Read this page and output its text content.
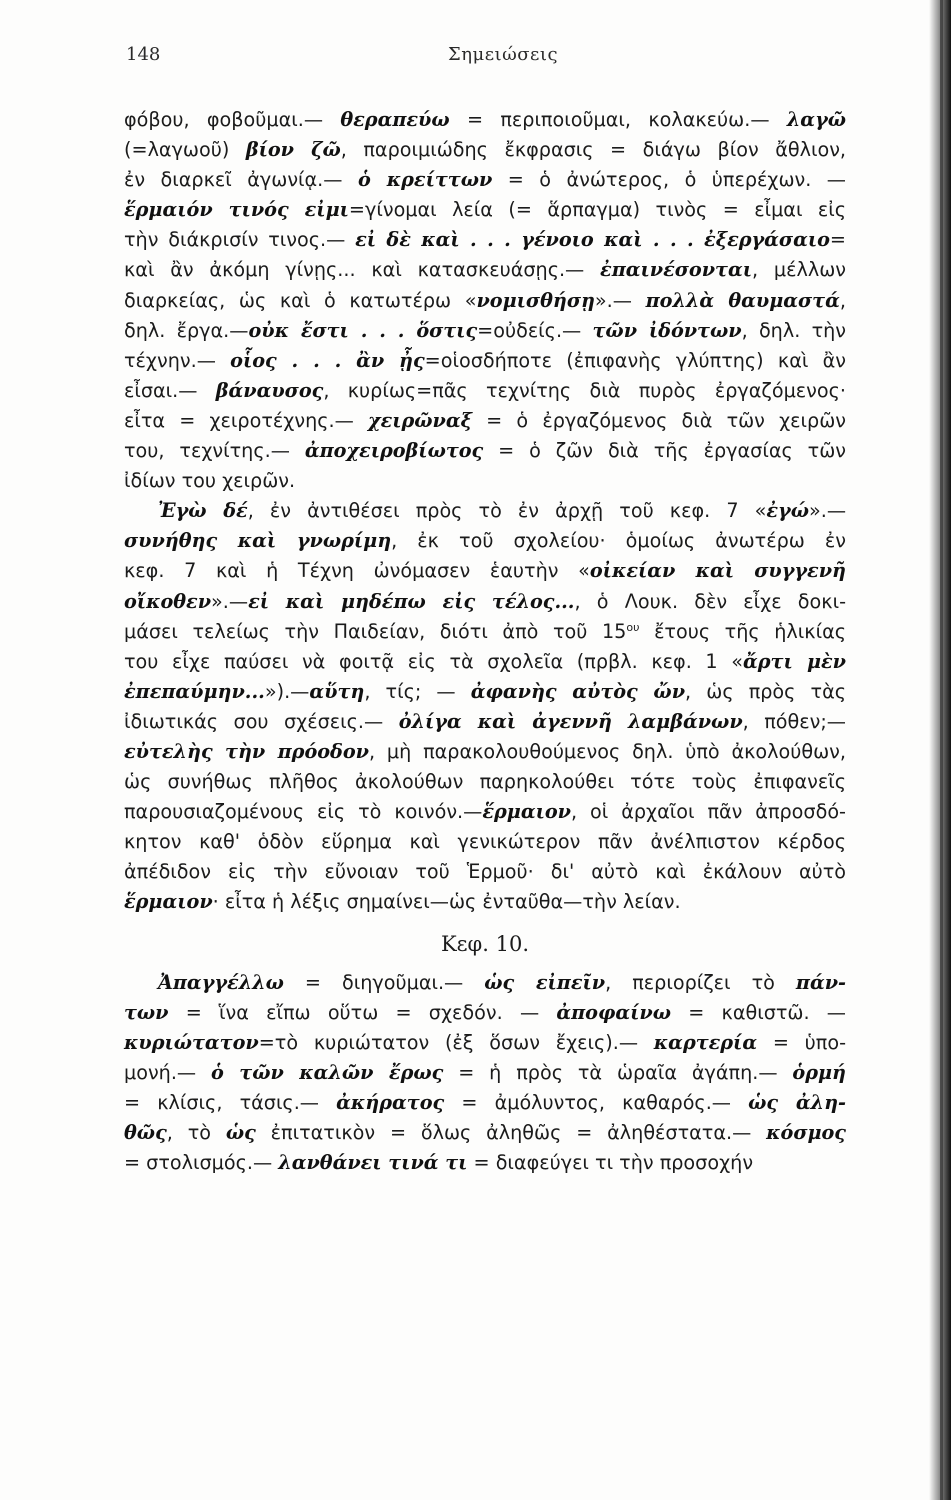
148	Σημειώσεις
φόβου, φοβοῦμαι.— θεραπεύω = περιποιοῦμαι, κολακεύω.— λαγῶ
(=λαγωοῦ) βίον ζῶ, παροιμιώδης ἔκφρασις = διάγω βίον ἄθλιον,
ἐν διαρκεῖ ἀγωνίᾳ.— ὁ κρείττων = ὁ ἀνώτερος, ὁ ὑπερέχων. —
ἕρμαιόν τινός εἰμι=γίνομαι λεία (= ἅρπαγμα) τινὸς = εἶμαι εἰς
τὴν διάκρισίν τινος.— εἰ δὲ καὶ . . . γένοιο καὶ . . . ἐξεργάσαιο=
καὶ ἂν ἀκόμη γίνῃς... καὶ κατασκευάσῃς.— ἐπαινέσονται, μέλλων
διαρκείας, ὡς καὶ ὁ κατωτέρω «νομισθήσῃ».— πολλὰ θαυμαστά,
δηλ. ἔργα.—οὐκ ἔστι . . . ὅστις=οὐδείς.— τῶν ἰδόντων, δηλ. τὴν
τέχνην.— οἷος . . . ἂν ᾖς=οἱοσδήποτε (ἐπιφανὴς γλύπτης) καὶ ἂν
εἶσαι.— βάναυσος, κυρίως=πᾶς τεχνίτης διὰ πυρὸς ἐργαζόμενος·
εἶτα = χειροτέχνης.— χειρῶναξ = ὁ ἐργαζόμενος διὰ τῶν χειρῶν
του, τεχνίτης.— ἀποχειροβίωτος = ὁ ζῶν διὰ τῆς ἐργασίας τῶν
ἰδίων του χειρῶν.
Ἐγὼ δέ, ἐν ἀντιθέσει πρὸς τὸ ἐν ἀρχῇ τοῦ κεφ. 7 «ἐγώ».—
συνήθης καὶ γνωρίμη, ἐκ τοῦ σχολείου· ὁμοίως ἀνωτέρω ἐν
κεφ. 7 καὶ ἡ Τέχνη ὠνόμασεν ἑαυτὴν «οἰκείαν καὶ συγγενῆ
οἴκοθεν».—εἰ καὶ μηδέπω εἰς τέλος..., ὁ Λουκ. δὲν εἶχε δοκι-
μάσει τελείως τὴν Παιδείαν, διότι ἀπὸ τοῦ $15^{o\upsilon}$ ἔτους τῆς ἡλικίας
του εἶχε παύσει νὰ φοιτᾷ εἰς τὰ σχολεῖα (πρβλ. κεφ. 1 «ἄρτι μὲν
ἐπεπαύμην...»).—αὕτη, τίς; — ἀφανὴς αὐτὸς ὤν, ὡς πρὸς τὰς
ἰδιωτικάς σου σχέσεις.— ὀλίγα καὶ ἀγεννῆ λαμβάνων, πόθεν;—
εὐτελὴς τὴν πρόοδον, μὴ παρακολουθούμενος δηλ. ὑπὸ ἀκολούθων,
ὡς συνήθως πλῆθος ἀκολούθων παρηκολούθει τότε τοὺς ἐπιφανεῖς
παρουσιαζομένους εἰς τὸ κοινόν.—ἕρμαιον, οἱ ἀρχαῖοι πᾶν ἀπροσδό-
κητον καθ' ὁδὸν εὕρημα καὶ γενικώτερον πᾶν ἀνέλπιστον κέρδος
ἀπέδιδον εἰς τὴν εὔνοιαν τοῦ Ἑρμοῦ· δι' αὐτὸ καὶ ἐκάλουν αὐτὸ
ἕρμαιον· εἶτα ἡ λέξις σημαίνει—ὡς ἐνταῦθα—τὴν λείαν.
Κεφ. 10.
Ἀπαγγέλλω = διηγοῦμαι.— ὡς εἰπεῖν, περιορίζει τὸ πάν-
των = ἵνα εἴπω οὕτω = σχεδόν. — ἀποφαίνω = καθιστῶ. —
κυριώτατον=τὸ κυριώτατον (ἐξ ὅσων ἔχεις).— καρτερία = ὑπο-
μονή.— ὁ τῶν καλῶν ἔρως = ἡ πρὸς τὰ ὡραῖα ἀγάπη.— ὁρμή
= κλίσις, τάσις.— ἀκήρατος = ἀμόλυντος, καθαρός.— ὡς ἀλη-
θῶς, τὸ ὡς ἐπιτατικὸν = ὅλως ἀληθῶς = ἀληθέστατα.— κόσμος
= στολισμός.— λανθάνει τινά τι = διαφεύγει τι τὴν προσοχήν
